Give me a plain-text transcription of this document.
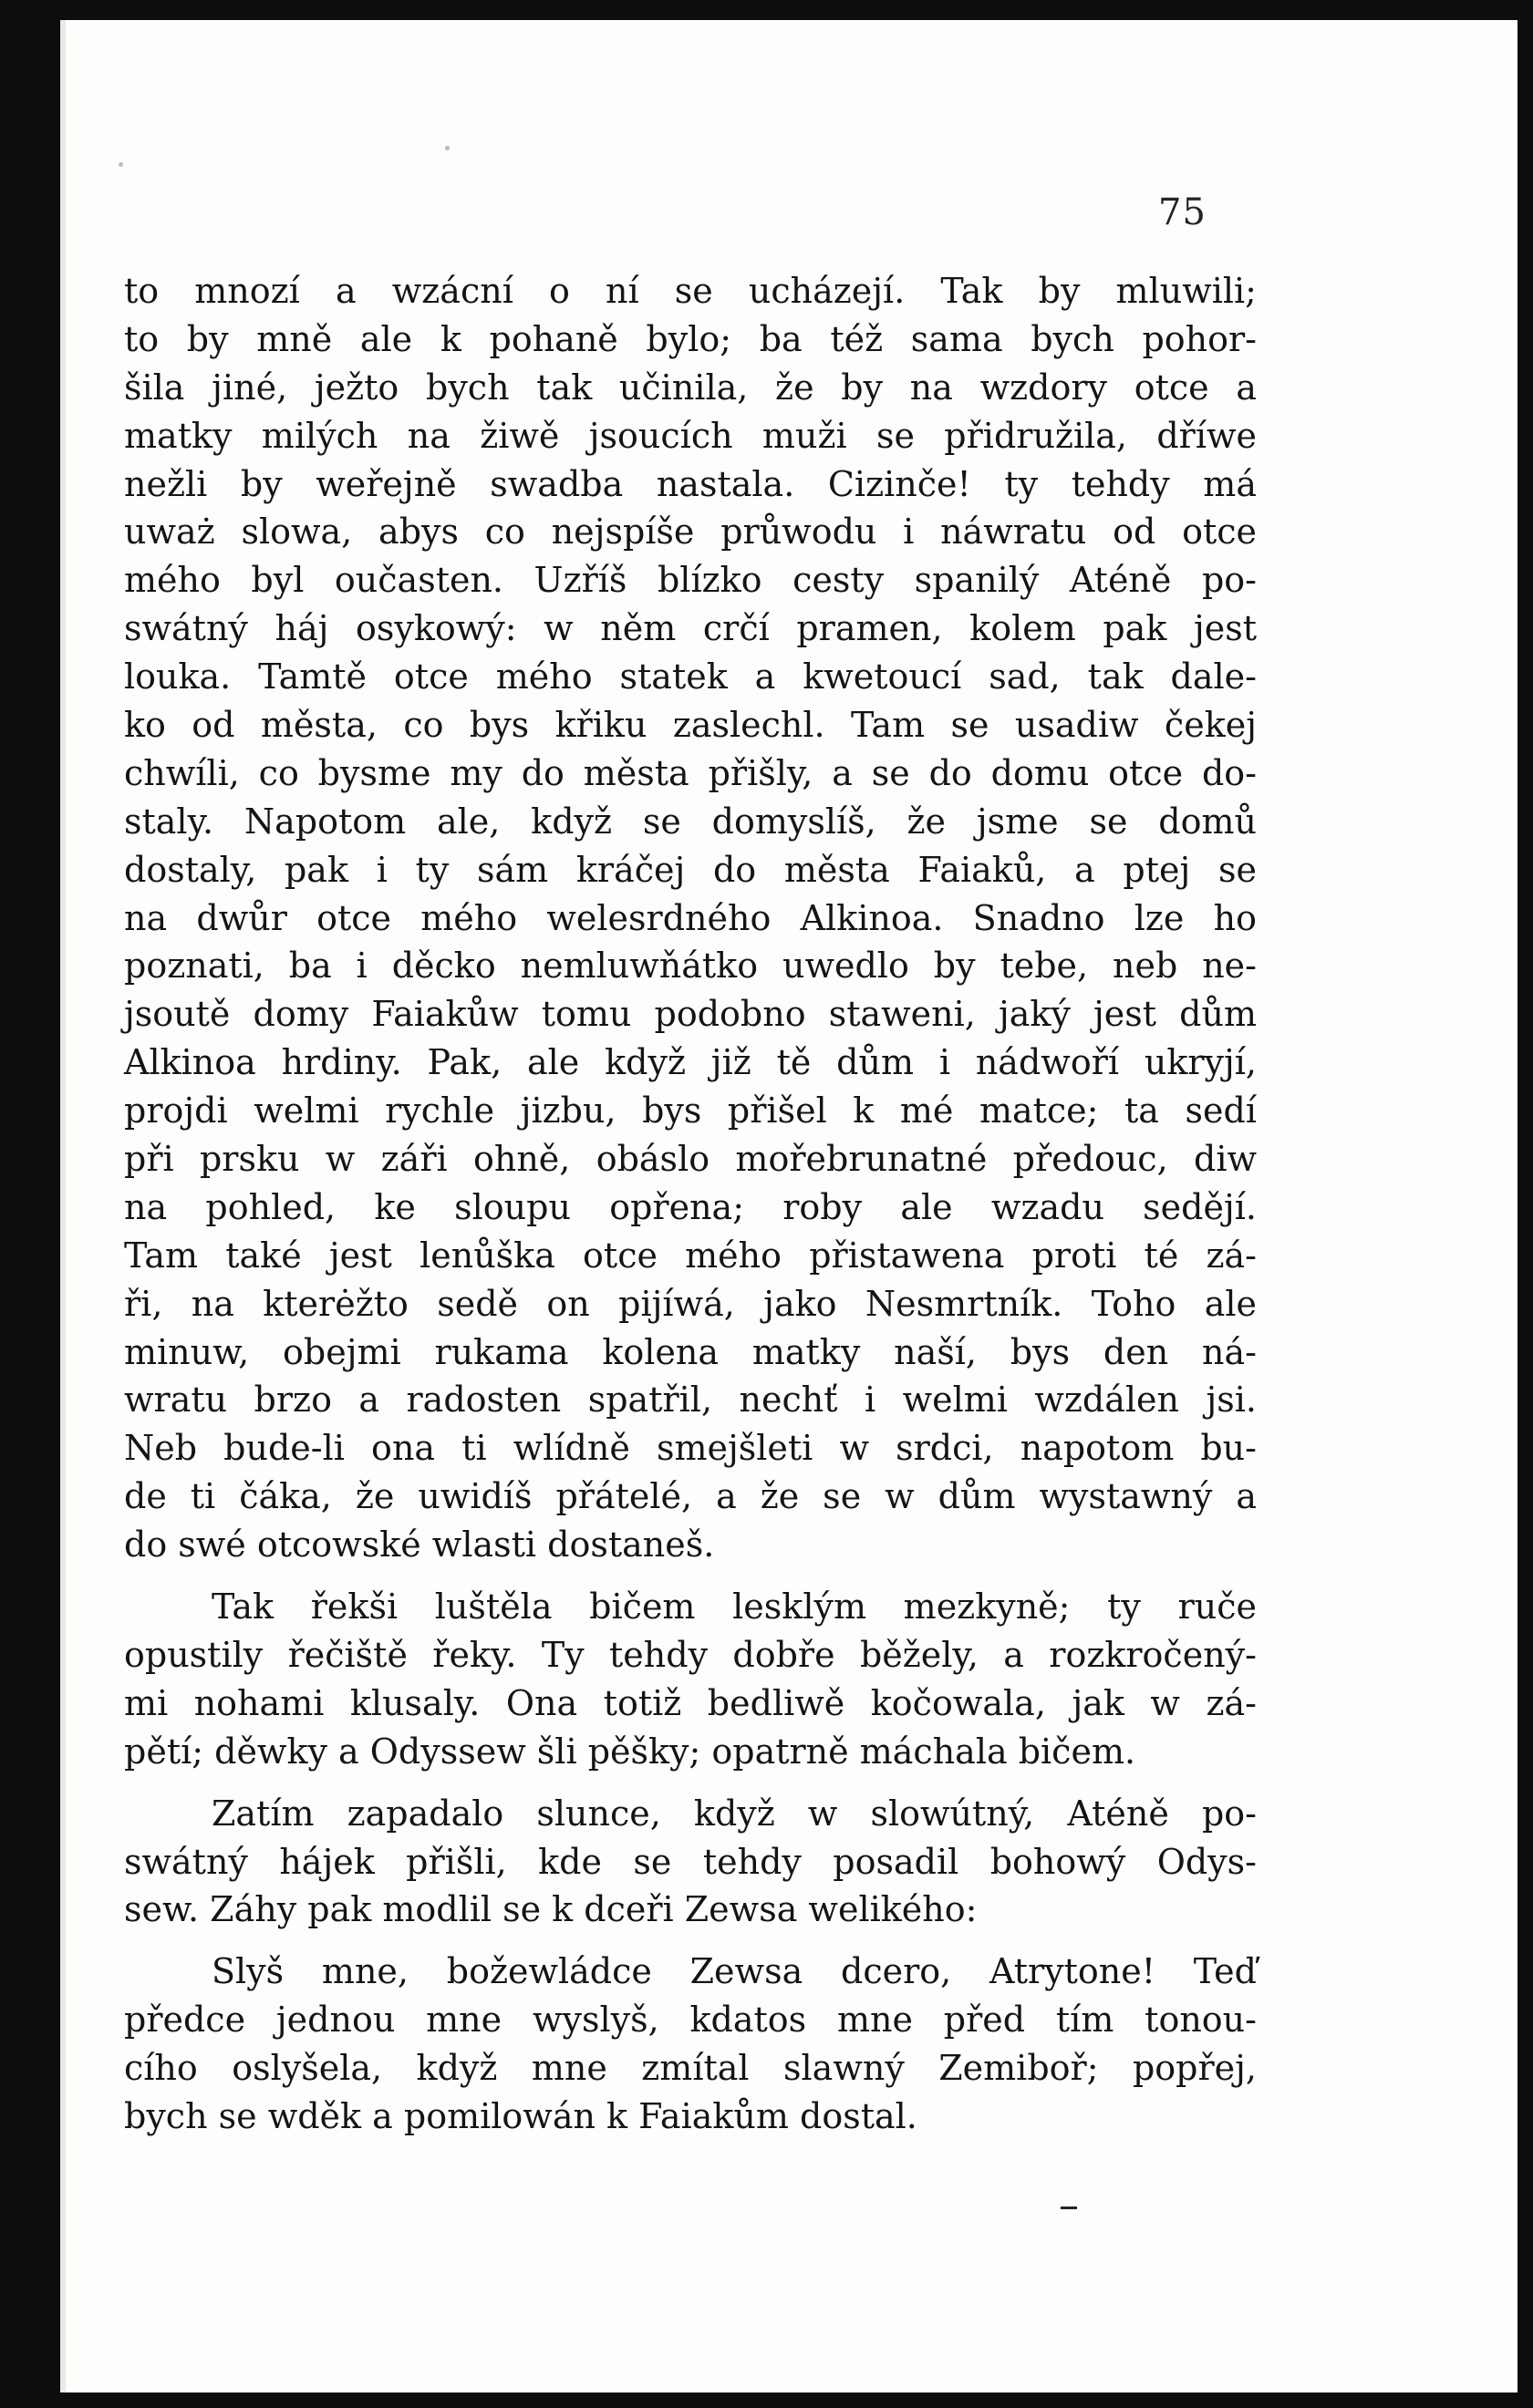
75
to mnozí a wzácní o ní se ucházejí. Tak by mluwili;
to by mně ale k pohaně bylo; ba též sama bych pohor-
šila jiné, ježto bych tak učinila, že by na wzdory otce a
matky milých na žiwě jsoucích muži se přidružila, dříwe
nežli by weřejně swadba nastala. Cizinče! ty tehdy má
uważ slowa, abys co nejspíše průwodu i náwratu od otce
mého byl oučasten. Uzříš blízko cesty spanilý Aténě po-
swátný háj osykowý: w něm crčí pramen, kolem pak jest
louka. Tamtě otce mého statek a kwetoucí sad, tak dale-
ko od města, co bys křiku zaslechl. Tam se usadiw čekej
chwíli, co bysme my do města přišly, a se do domu otce do-
staly. Napotom ale, když se domyslíš, že jsme se domů
dostaly, pak i ty sám kráčej do města Faiaků, a ptej se
na dwůr otce mého welesrdného Alkinoa. Snadno lze ho
poznati, ba i děcko nemluwňátko uwedlo by tebe, neb ne-
jsoutě domy Faiakůw tomu podobno staweni, jaký jest dům
Alkinoa hrdiny. Pak, ale když již tě dům i nádwoří ukryjí,
projdi welmi rychle jizbu, bys přišel k mé matce; ta sedí
při prsku w záři ohně, obáslo mořebrunatné předouc, diw
na pohled, ke sloupu opřena; roby ale wzadu sedějí.
Tam také jest lenůška otce mého přistawena proti té zá-
ři, na kterėžto sedě on pijíwá, jako Nesmrtník. Toho ale
minuw, obejmi rukama kolena matky naší, bys den ná-
wratu brzo a radosten spatřil, nechť i welmi wzdálen jsi.
Neb bude-li ona ti wlídně smejšleti w srdci, napotom bu-
de ti čáka, že uwidíš přátelé, a že se w dům wystawný a
do swé otcowské wlasti dostaneš.
Tak řekši luštěla bičem lesklým mezkyně; ty ruče
opustily řečiště řeky. Ty tehdy dobře běžely, a rozkročený-
mi nohami klusaly. Ona totiž bedliwě kočowala, jak w zá-
pětí; děwky a Odyssew šli pěšky; opatrně máchala bičem.
Zatím zapadalo slunce, když w slowútný, Aténě po-
swátný hájek přišli, kde se tehdy posadil bohowý Odys-
sew. Záhy pak modlil se k dceři Zewsa welikého:
Slyš mne, božewládce Zewsa dcero, Atrytone! Teď
předce jednou mne wyslyš, kdatos mne před tím tonou-
cího oslyšela, když mne zmítal slawný Zemiboř; popřej,
bych se wděk a pomilowán k Faiakům dostal.
